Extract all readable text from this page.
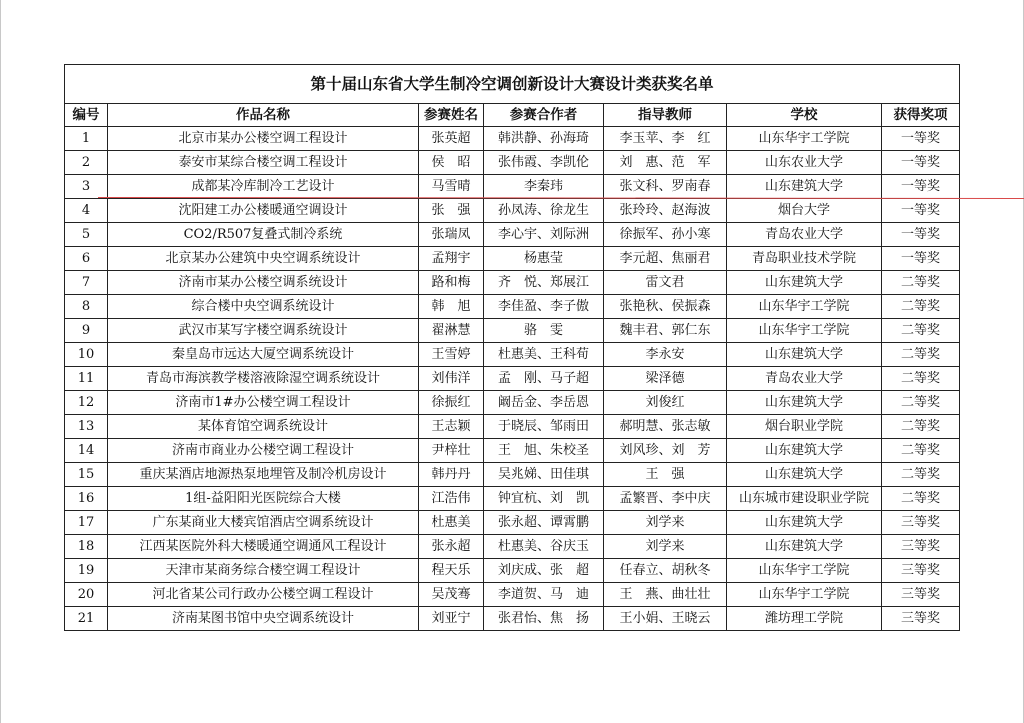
第十届山东省大学生制冷空调创新设计大赛设计类获奖名单						
编号	作品名称	参赛姓名	参赛合作者	指导教师	学校	获得奖项
1	北京市某办公楼空调工程设计	张英超	韩洪静、孙海琦	李玉苹、李　红	山东华宇工学院	一等奖
2	泰安市某综合楼空调工程设计	侯　昭	张伟霞、李凯伦	刘　惠、范　军	山东农业大学	一等奖
3	成都某冷库制冷工艺设计	马雪晴	李秦玮	张文科、罗南春	山东建筑大学	一等奖
4	沈阳建工办公楼暖通空调设计	张　强	孙凤涛、徐龙生	张玲玲、赵海波	烟台大学	一等奖
5	CO2/R507复叠式制冷系统	张瑞凤	李心宇、刘际洲	徐振军、孙小寒	青岛农业大学	一等奖
6	北京某办公建筑中央空调系统设计	孟翔宇	杨惠莹	李元超、焦丽君	青岛职业技术学院	一等奖
7	济南市某办公楼空调系统设计	路和梅	齐　悦、郑展江	雷文君	山东建筑大学	二等奖
8	综合楼中央空调系统设计	韩　旭	李佳盈、李子傲	张艳秋、侯振森	山东华宇工学院	二等奖
9	武汉市某写字楼空调系统设计	翟淋慧	骆　雯	魏丰君、郭仁东	山东华宇工学院	二等奖
10	秦皇岛市远达大厦空调系统设计	王雪婷	杜惠美、王科荀	李永安	山东建筑大学	二等奖
11	青岛市海滨教学楼溶液除湿空调系统设计	刘伟洋	孟　刚、马子超	梁泽德	青岛农业大学	二等奖
12	济南市1#办公楼空调工程设计	徐振红	阚岳金、李岳恩	刘俊红	山东建筑大学	二等奖
13	某体育馆空调系统设计	王志颖	于晓辰、邹雨田	郝明慧、张志敏	烟台职业学院	二等奖
14	济南市商业办公楼空调工程设计	尹梓壮	王　旭、朱校圣	刘风珍、刘　芳	山东建筑大学	二等奖
15	重庆某酒店地源热泵地埋管及制冷机房设计	韩丹丹	吴兆娣、田佳琪	王　强	山东建筑大学	二等奖
16	1组-益阳阳光医院综合大楼	江浩伟	钟宜杭、刘　凯	孟繁晋、李中庆	山东城市建设职业学院	二等奖
17	广东某商业大楼宾馆酒店空调系统设计	杜惠美	张永超、谭霄鹏	刘学来	山东建筑大学	三等奖
18	江西某医院外科大楼暖通空调通风工程设计	张永超	杜惠美、谷庆玉	刘学来	山东建筑大学	三等奖
19	天津市某商务综合楼空调工程设计	程天乐	刘庆成、张　超	任春立、胡秋冬	山东华宇工学院	三等奖
20	河北省某公司行政办公楼空调工程设计	吴茂骞	李道贺、马　迪	王　燕、曲壮壮	山东华宇工学院	三等奖
21	济南某图书馆中央空调系统设计	刘亚宁	张君怡、焦　扬	王小娟、王晓云	潍坊理工学院	三等奖
